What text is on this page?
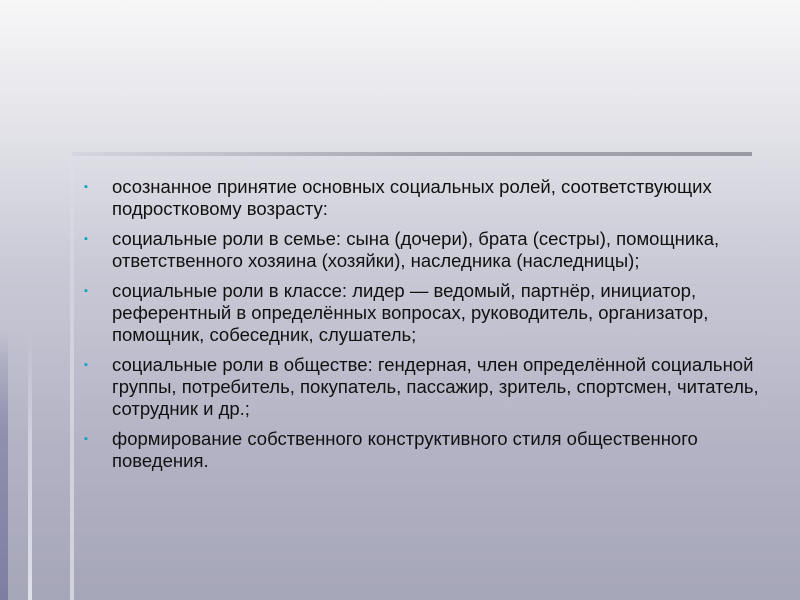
▪ осознанное принятие основных социальных ролей, соответствующих подростковому возрасту:
▪ социальные роли в семье: сына (дочери), брата (сестры), помощника, ответственного хозяина (хозяйки), наследника (наследницы);
▪ социальные роли в классе: лидер — ведомый, партнёр, инициатор, референтный в определённых вопросах, руководитель, организатор, помощник, собеседник, слушатель;
▪ социальные роли в обществе: гендерная, член определённой социальной группы, потребитель, покупатель, пассажир, зритель, спортсмен, читатель, сотрудник и др.;
▪ формирование собственного конструктивного стиля общественного поведения.
